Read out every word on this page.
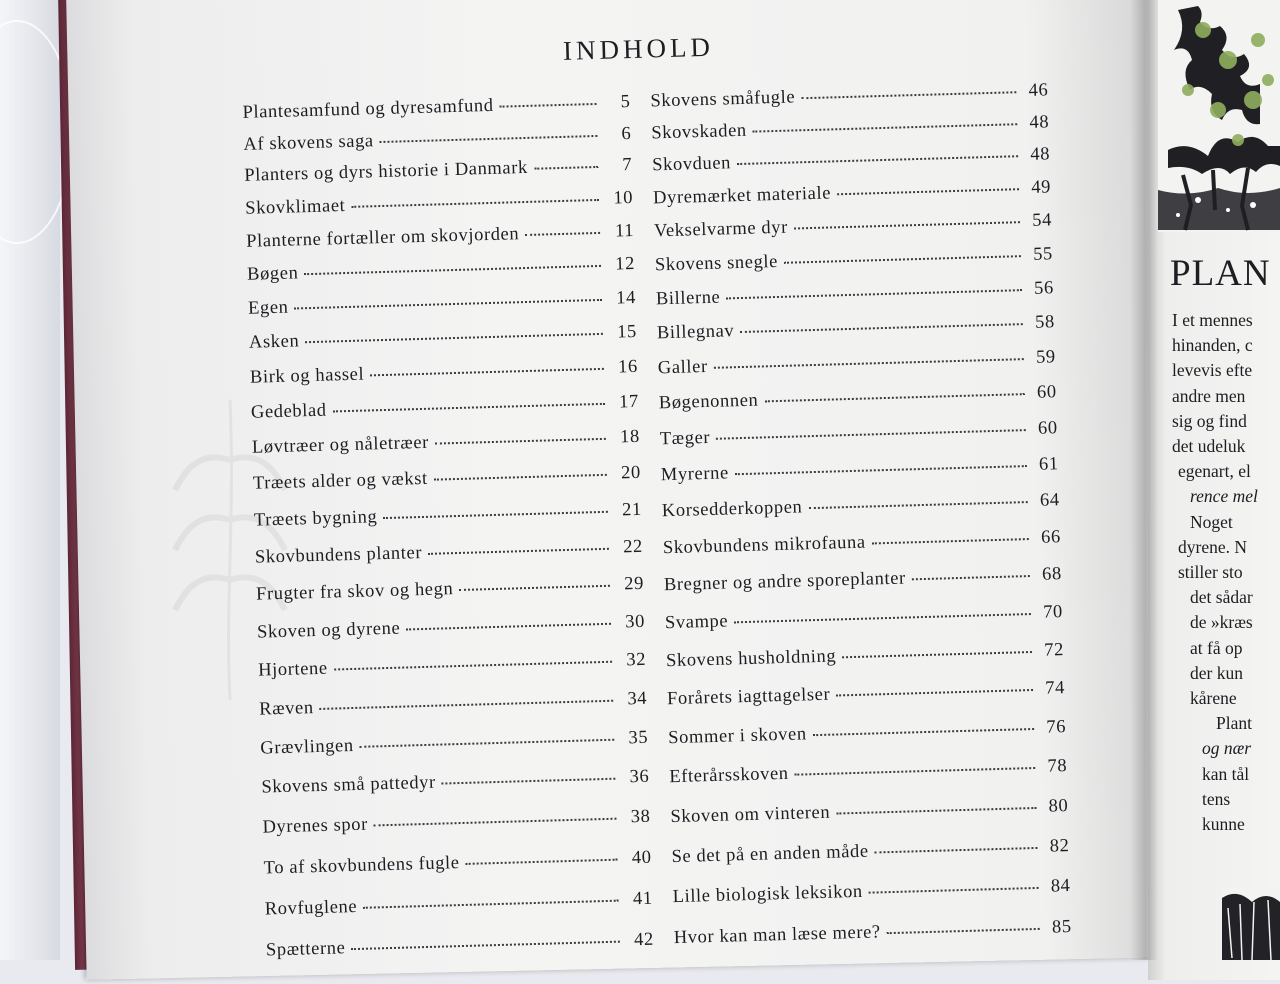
INDHOLD
Plantesamfund og dyresamfund	5
Af skovens saga	6
Planters og dyrs historie i Danmark	7
Skovklimaet	10
Planterne fortæller om skovjorden	11
Bøgen	12
Egen	14
Asken	15
Birk og hassel	16
Gedeblad	17
Løvtræer og nåletræer	18
Træets alder og vækst	20
Træets bygning	21
Skovbundens planter	22
Frugter fra skov og hegn	29
Skoven og dyrene	30
Hjortene	32
Ræven	34
Grævlingen	35
Skovens små pattedyr	36
Dyrenes spor	38
To af skovbundens fugle	40
Rovfuglene	41
Spætterne	42
Skovens småfugle	46
Skovskaden	48
Skovduen	48
Dyremærket materiale	49
Vekselvarme dyr	54
Skovens snegle	55
Billerne	56
Billegnav	58
Galler	59
Bøgenonnen	60
Tæger	60
Myrerne	61
Korsedderkoppen	64
Skovbundens mikrofauna	66
Bregner og andre sporeplanter	68
Svampe	70
Skovens husholdning	72
Forårets iagttagelser	74
Sommer i skoven	76
Efterårsskoven	78
Skoven om vinteren	80
Se det på en anden måde	82
Lille biologisk leksikon	84
Hvor kan man læse mere?	85
PLAN
I et mennes
hinanden, c
levevis efte
andre men
sig og find
det udeluk
egenart, el
rence mel
Noget
dyrene. N
stiller sto
det sådar
de »kræs
at få op
der kun
kårene
Plant
og nær
kan tål
tens
kunne
